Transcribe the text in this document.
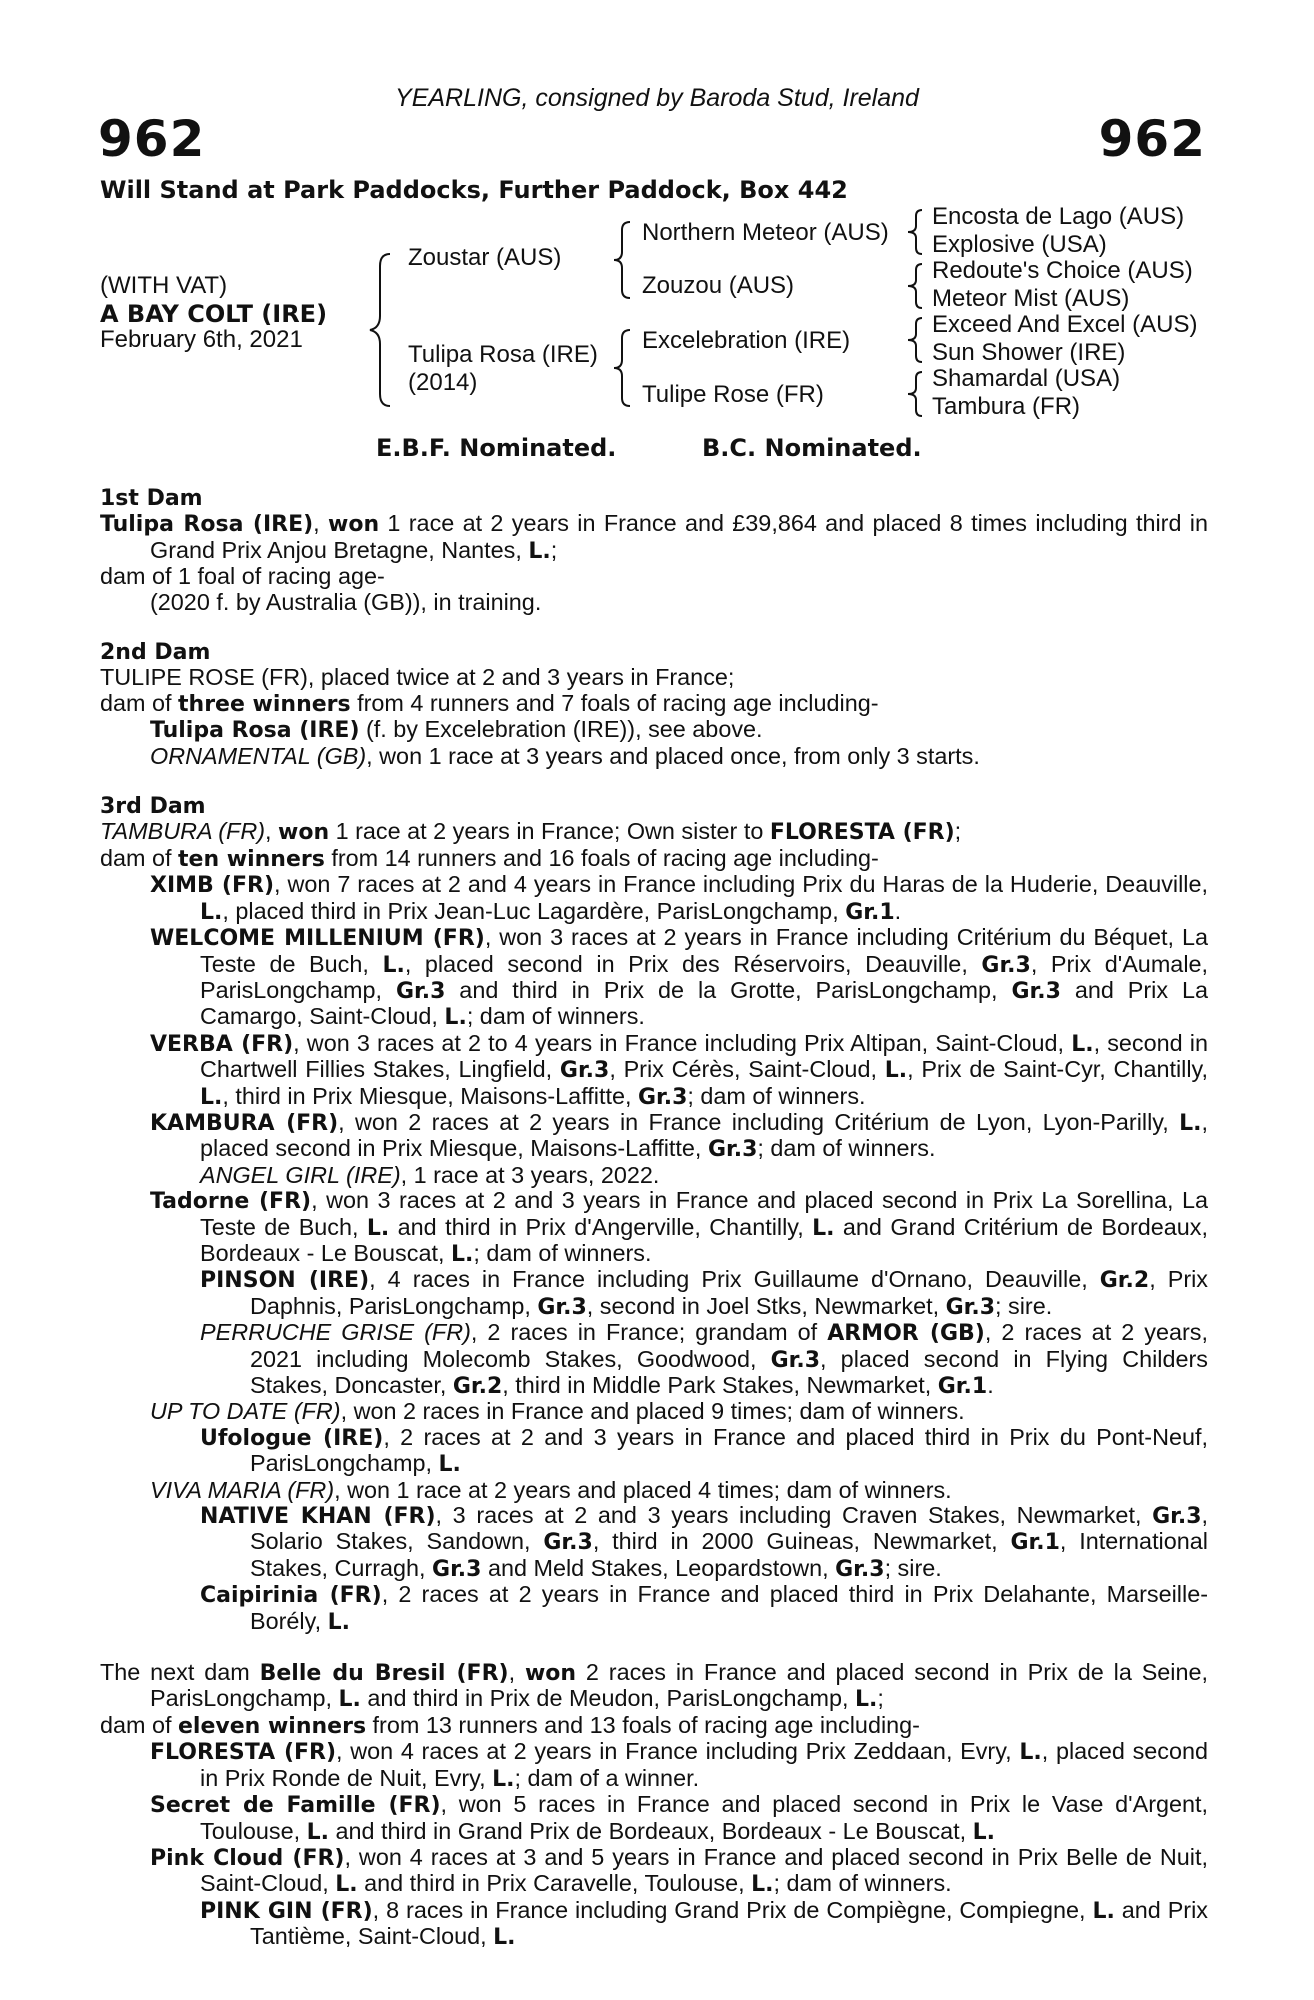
YEARLING, consigned by Baroda Stud, Ireland
962	962
Will Stand at Park Paddocks, Further Paddock, Box 442
(WITH VAT)
A BAY COLT (IRE)
February 6th, 2021
Zoustar (AUS)
Tulipa Rosa (IRE)
(2014)
Northern Meteor (AUS)
Zouzou (AUS)
Excelebration (IRE)
Tulipe Rose (FR)
Encosta de Lago (AUS)
Explosive (USA)
Redoute's Choice (AUS)
Meteor Mist (AUS)
Exceed And Excel (AUS)
Sun Shower (IRE)
Shamardal (USA)
Tambura (FR)
E.B.F. Nominated.	B.C. Nominated.

1st Dam

Tulipa Rosa (IRE), won 1 race at 2 years in France and £39,864 and placed 8 times including third in Grand Prix Anjou Bretagne, Nantes, L.;

dam of 1 foal of racing age-

(2020 f. by Australia (GB)), in training.

2nd Dam

TULIPE ROSE (FR), placed twice at 2 and 3 years in France;

dam of three winners from 4 runners and 7 foals of racing age including-

Tulipa Rosa (IRE) (f. by Excelebration (IRE)), see above.

ORNAMENTAL (GB), won 1 race at 3 years and placed once, from only 3 starts.

3rd Dam

TAMBURA (FR), won 1 race at 2 years in France; Own sister to FLORESTA (FR);

dam of ten winners from 14 runners and 16 foals of racing age including-

XIMB (FR), won 7 races at 2 and 4 years in France including Prix du Haras de la Huderie, Deauville, L., placed third in Prix Jean-Luc Lagardère, ParisLongchamp, Gr.1.

WELCOME MILLENIUM (FR), won 3 races at 2 years in France including Critérium du Béquet, La Teste de Buch, L., placed second in Prix des Réservoirs, Deauville, Gr.3, Prix d'Aumale, ParisLongchamp, Gr.3 and third in Prix de la Grotte, ParisLongchamp, Gr.3 and Prix La Camargo, Saint-Cloud, L.; dam of winners.

VERBA (FR), won 3 races at 2 to 4 years in France including Prix Altipan, Saint-Cloud, L., second in Chartwell Fillies Stakes, Lingfield, Gr.3, Prix Cérès, Saint-Cloud, L., Prix de Saint-Cyr, Chantilly, L., third in Prix Miesque, Maisons-Laffitte, Gr.3; dam of winners.

KAMBURA (FR), won 2 races at 2 years in France including Critérium de Lyon, Lyon-Parilly, L., placed second in Prix Miesque, Maisons-Laffitte, Gr.3; dam of winners.

ANGEL GIRL (IRE), 1 race at 3 years, 2022.

Tadorne (FR), won 3 races at 2 and 3 years in France and placed second in Prix La Sorellina, La Teste de Buch, L. and third in Prix d'Angerville, Chantilly, L. and Grand Critérium de Bordeaux, Bordeaux - Le Bouscat, L.; dam of winners.

PINSON (IRE), 4 races in France including Prix Guillaume d'Ornano, Deauville, Gr.2, Prix Daphnis, ParisLongchamp, Gr.3, second in Joel Stks, Newmarket, Gr.3; sire.

PERRUCHE GRISE (FR), 2 races in France; grandam of ARMOR (GB), 2 races at 2 years, 2021 including Molecomb Stakes, Goodwood, Gr.3, placed second in Flying Childers Stakes, Doncaster, Gr.2, third in Middle Park Stakes, Newmarket, Gr.1.

UP TO DATE (FR), won 2 races in France and placed 9 times; dam of winners.

Ufologue (IRE), 2 races at 2 and 3 years in France and placed third in Prix du Pont-Neuf, ParisLongchamp, L.

VIVA MARIA (FR), won 1 race at 2 years and placed 4 times; dam of winners.

NATIVE KHAN (FR), 3 races at 2 and 3 years including Craven Stakes, Newmarket, Gr.3, Solario Stakes, Sandown, Gr.3, third in 2000 Guineas, Newmarket, Gr.1, International Stakes, Curragh, Gr.3 and Meld Stakes, Leopardstown, Gr.3; sire.

Caipirinia (FR), 2 races at 2 years in France and placed third in Prix Delahante, Marseille-Borély, L.

The next dam Belle du Bresil (FR), won 2 races in France and placed second in Prix de la Seine, ParisLongchamp, L. and third in Prix de Meudon, ParisLongchamp, L.;

dam of eleven winners from 13 runners and 13 foals of racing age including-

FLORESTA (FR), won 4 races at 2 years in France including Prix Zeddaan, Evry, L., placed second in Prix Ronde de Nuit, Evry, L.; dam of a winner.

Secret de Famille (FR), won 5 races in France and placed second in Prix le Vase d'Argent, Toulouse, L. and third in Grand Prix de Bordeaux, Bordeaux - Le Bouscat, L.

Pink Cloud (FR), won 4 races at 3 and 5 years in France and placed second in Prix Belle de Nuit, Saint-Cloud, L. and third in Prix Caravelle, Toulouse, L.; dam of winners.

PINK GIN (FR), 8 races in France including Grand Prix de Compiègne, Compiegne, L. and Prix Tantième, Saint-Cloud, L.
